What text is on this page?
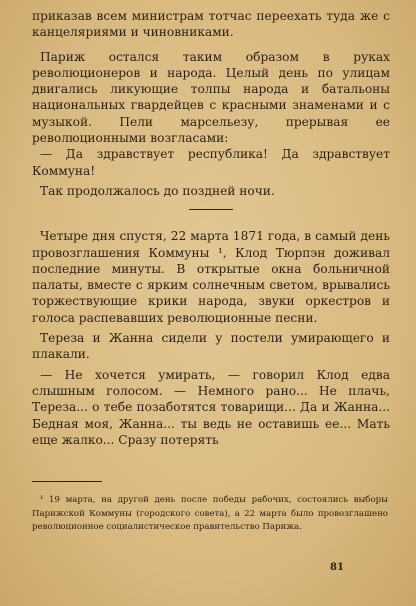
приказав всем министрам тотчас переехать туда же с канцеляриями и чиновниками.

Париж остался таким образом в руках революционеров и народа. Целый день по улицам двигались ликующие толпы народа и батальоны национальных гвардейцев с красными знаменами и с музыкой. Пели марсельезу, прерывая ее революционными возгласами:

— Да здравствует республика! Да здравствует Коммуна!

Так продолжалось до поздней ночи.

Четыре дня спустя, 22 марта 1871 года, в самый день провозглашения Коммуны ¹, Клод Тюрпэн доживал последние минуты. В открытые окна больничной палаты, вместе с ярким солнечным светом, врывались торжествующие крики народа, звуки оркестров и голоса распевавших революционные песни.

Тереза и Жанна сидели у постели умирающего и плакали.

— Не хочется умирать, — говорил Клод едва слышным голосом. — Немного рано... Не плачь, Тереза... о тебе позаботятся товарищи... Да и Жанна... Бедная моя, Жанна... ты ведь не оставишь ее... Мать еще жалко... Сразу потерять

¹ 19 марта, на другой день после победы рабочих, состоялись выборы Парижской Коммуны (городского совета), а 22 марта было провозглашено революционное социалистическое правительство Парижа.

81
